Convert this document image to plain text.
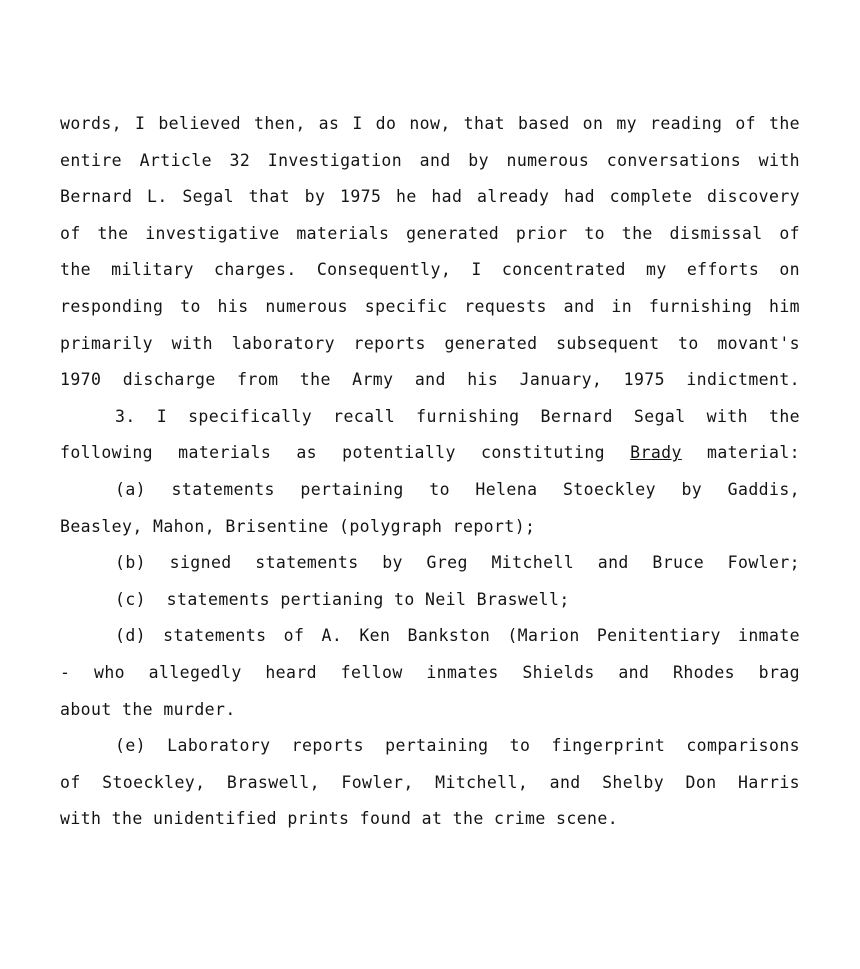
words, I believed then, as I do now, that based on my reading of the
entire Article 32 Investigation and by numerous conversations with
Bernard L. Segal that by 1975 he had already had complete discovery
of the investigative materials generated prior to the dismissal of
the military charges. Consequently, I concentrated my efforts on
responding to his numerous specific requests and in furnishing him
primarily with laboratory reports generated subsequent to movant's
1970 discharge from the Army and his January, 1975 indictment.
3. I specifically recall furnishing Bernard Segal with the
following materials as potentially constituting Brady material:
(a) statements pertaining to Helena Stoeckley by Gaddis,
Beasley, Mahon, Brisentine (polygraph report);
(b) signed statements by Greg Mitchell and Bruce Fowler;
(c)  statements pertianing to Neil Braswell;
(d) statements of A. Ken Bankston (Marion Penitentiary inmate
- who allegedly heard fellow inmates Shields and Rhodes brag
about the murder.
(e) Laboratory reports pertaining to fingerprint comparisons
of Stoeckley, Braswell, Fowler, Mitchell, and Shelby Don Harris
with the unidentified prints found at the crime scene.
